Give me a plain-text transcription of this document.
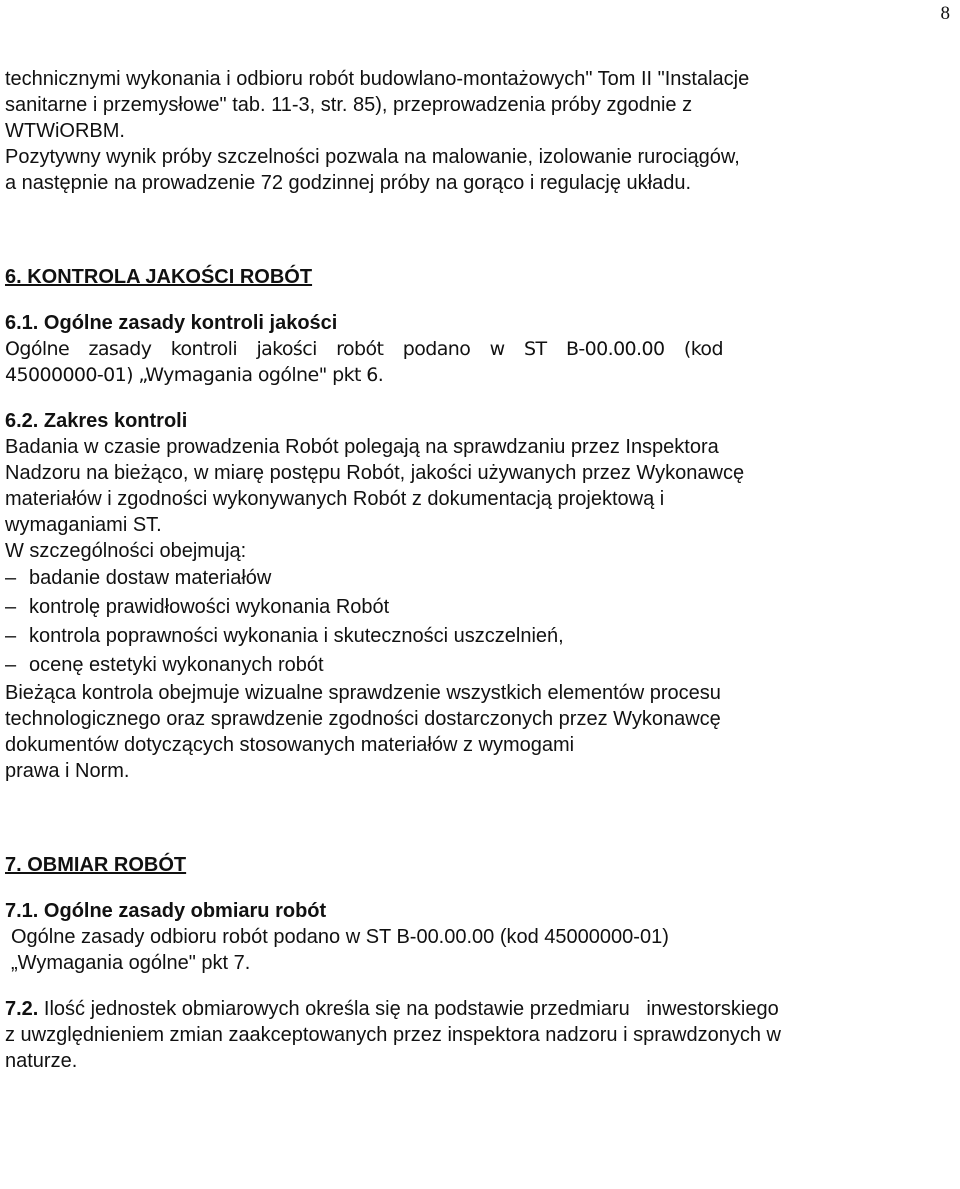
8
technicznymi wykonania i odbioru robót budowlano-montażowych" Tom II "Instalacje
sanitarne i przemysłowe" tab. 11-3, str. 85), przeprowadzenia próby zgodnie z
WTWiORBM.
Pozytywny wynik próby szczelności pozwala na malowanie, izolowanie rurociągów,
a następnie na prowadzenie 72 godzinnej próby na gorąco i regulację układu.
6. KONTROLA JAKOŚCI ROBÓT
6.1. Ogólne zasady kontroli jakości
Ogólne zasady kontroli jakości robót podano w ST B-00.00.00 (kod
45000000-01) „Wymagania ogólne" pkt 6.
6.2. Zakres kontroli
Badania w czasie prowadzenia Robót polegają na sprawdzaniu przez Inspektora
Nadzoru na bieżąco, w miarę postępu Robót, jakości używanych przez Wykonawcę
materiałów i zgodności wykonywanych Robót z dokumentacją projektową i
wymaganiami ST.
W szczególności obejmują:
– badanie dostaw materiałów
– kontrolę prawidłowości wykonania Robót
– kontrola poprawności wykonania i skuteczności uszczelnień,
– ocenę estetyki wykonanych robót
Bieżąca kontrola obejmuje wizualne sprawdzenie wszystkich elementów procesu
technologicznego oraz sprawdzenie zgodności dostarczonych przez Wykonawcę
dokumentów dotyczących stosowanych materiałów z wymogami
prawa i Norm.
7. OBMIAR ROBÓT
7.1. Ogólne zasady obmiaru robót
Ogólne zasady odbioru robót podano w ST B-00.00.00 (kod 45000000-01)
„Wymagania ogólne" pkt 7.
7.2. Ilość jednostek obmiarowych określa się na podstawie przedmiaru   inwestorskiego
z uwzględnieniem zmian zaakceptowanych przez inspektora nadzoru i sprawdzonych w
naturze.
